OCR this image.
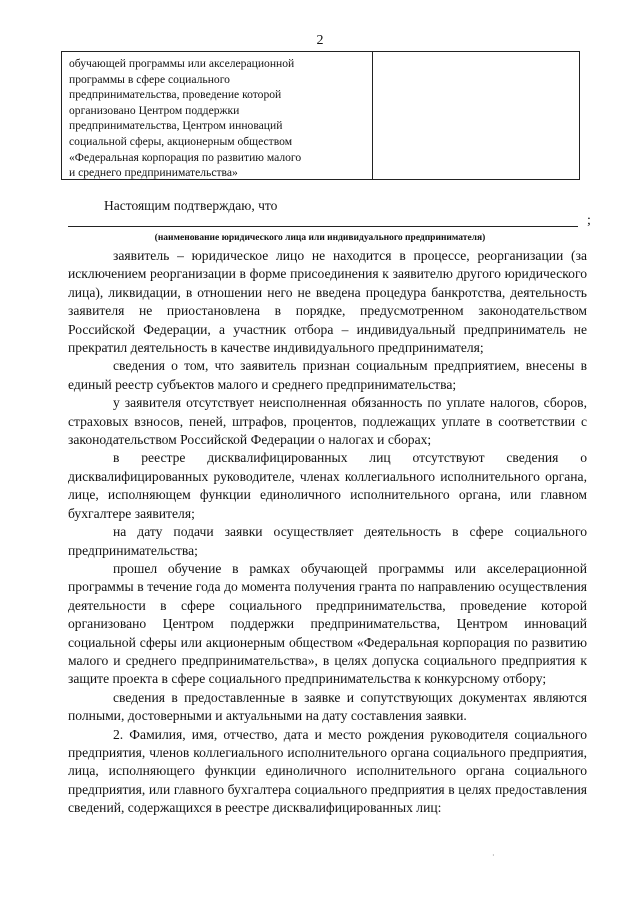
2
обучающей программы или акселерационной
программы в сфере социального
предпринимательства, проведение которой
организовано Центром поддержки
предпринимательства, Центром инноваций
социальной сферы, акционерным обществом
«Федеральная корпорация по развитию малого
и среднего предпринимательства»
Настоящим подтверждаю, что
;
(наименование юридического лица или индивидуального предпринимателя)

заявитель – юридическое лицо не находится в процессе, реорганизации (за исключением реорганизации в форме присоединения к заявителю другого юридического лица), ликвидации, в отношении него не введена процедура банкротства, деятельность заявителя не приостановлена в порядке, предусмотренном законодательством Российской Федерации, а участник отбора – индивидуальный предприниматель не прекратил деятельность в качестве индивидуального предпринимателя;

сведения о том, что заявитель признан социальным предприятием, внесены в единый реестр субъектов малого и среднего предпринимательства;

у заявителя отсутствует неисполненная обязанность по уплате налогов, сборов, страховых взносов, пеней, штрафов, процентов, подлежащих уплате в соответствии с законодательством Российской Федерации о налогах и сборах;

в реестре дисквалифицированных лиц отсутствуют сведения о дисквалифицированных руководителе, членах коллегиального исполнительного органа, лице, исполняющем функции единоличного исполнительного органа, или главном бухгалтере заявителя;

на дату подачи заявки осуществляет деятельность в сфере социального предпринимательства;

прошел обучение в рамках обучающей программы или акселерационной программы в течение года до момента получения гранта по направлению осуществления деятельности в сфере социального предпринимательства, проведение которой организовано Центром поддержки предпринимательства, Центром инноваций социальной сферы или акционерным обществом «Федеральная корпорация по развитию малого и среднего предпринимательства», в целях допуска социального предприятия к защите проекта в сфере социального предпринимательства к конкурсному отбору;

сведения в предоставленные в заявке и сопутствующих документах являются полными, достоверными и актуальными на дату составления заявки.

2. Фамилия, имя, отчество, дата и место рождения руководителя социального предприятия, членов коллегиального исполнительного органа социального предприятия, лица, исполняющего функции единоличного исполнительного органа социального предприятия, или главного бухгалтера социального предприятия в целях предоставления сведений, содержащихся в реестре дисквалифицированных лиц:

·
